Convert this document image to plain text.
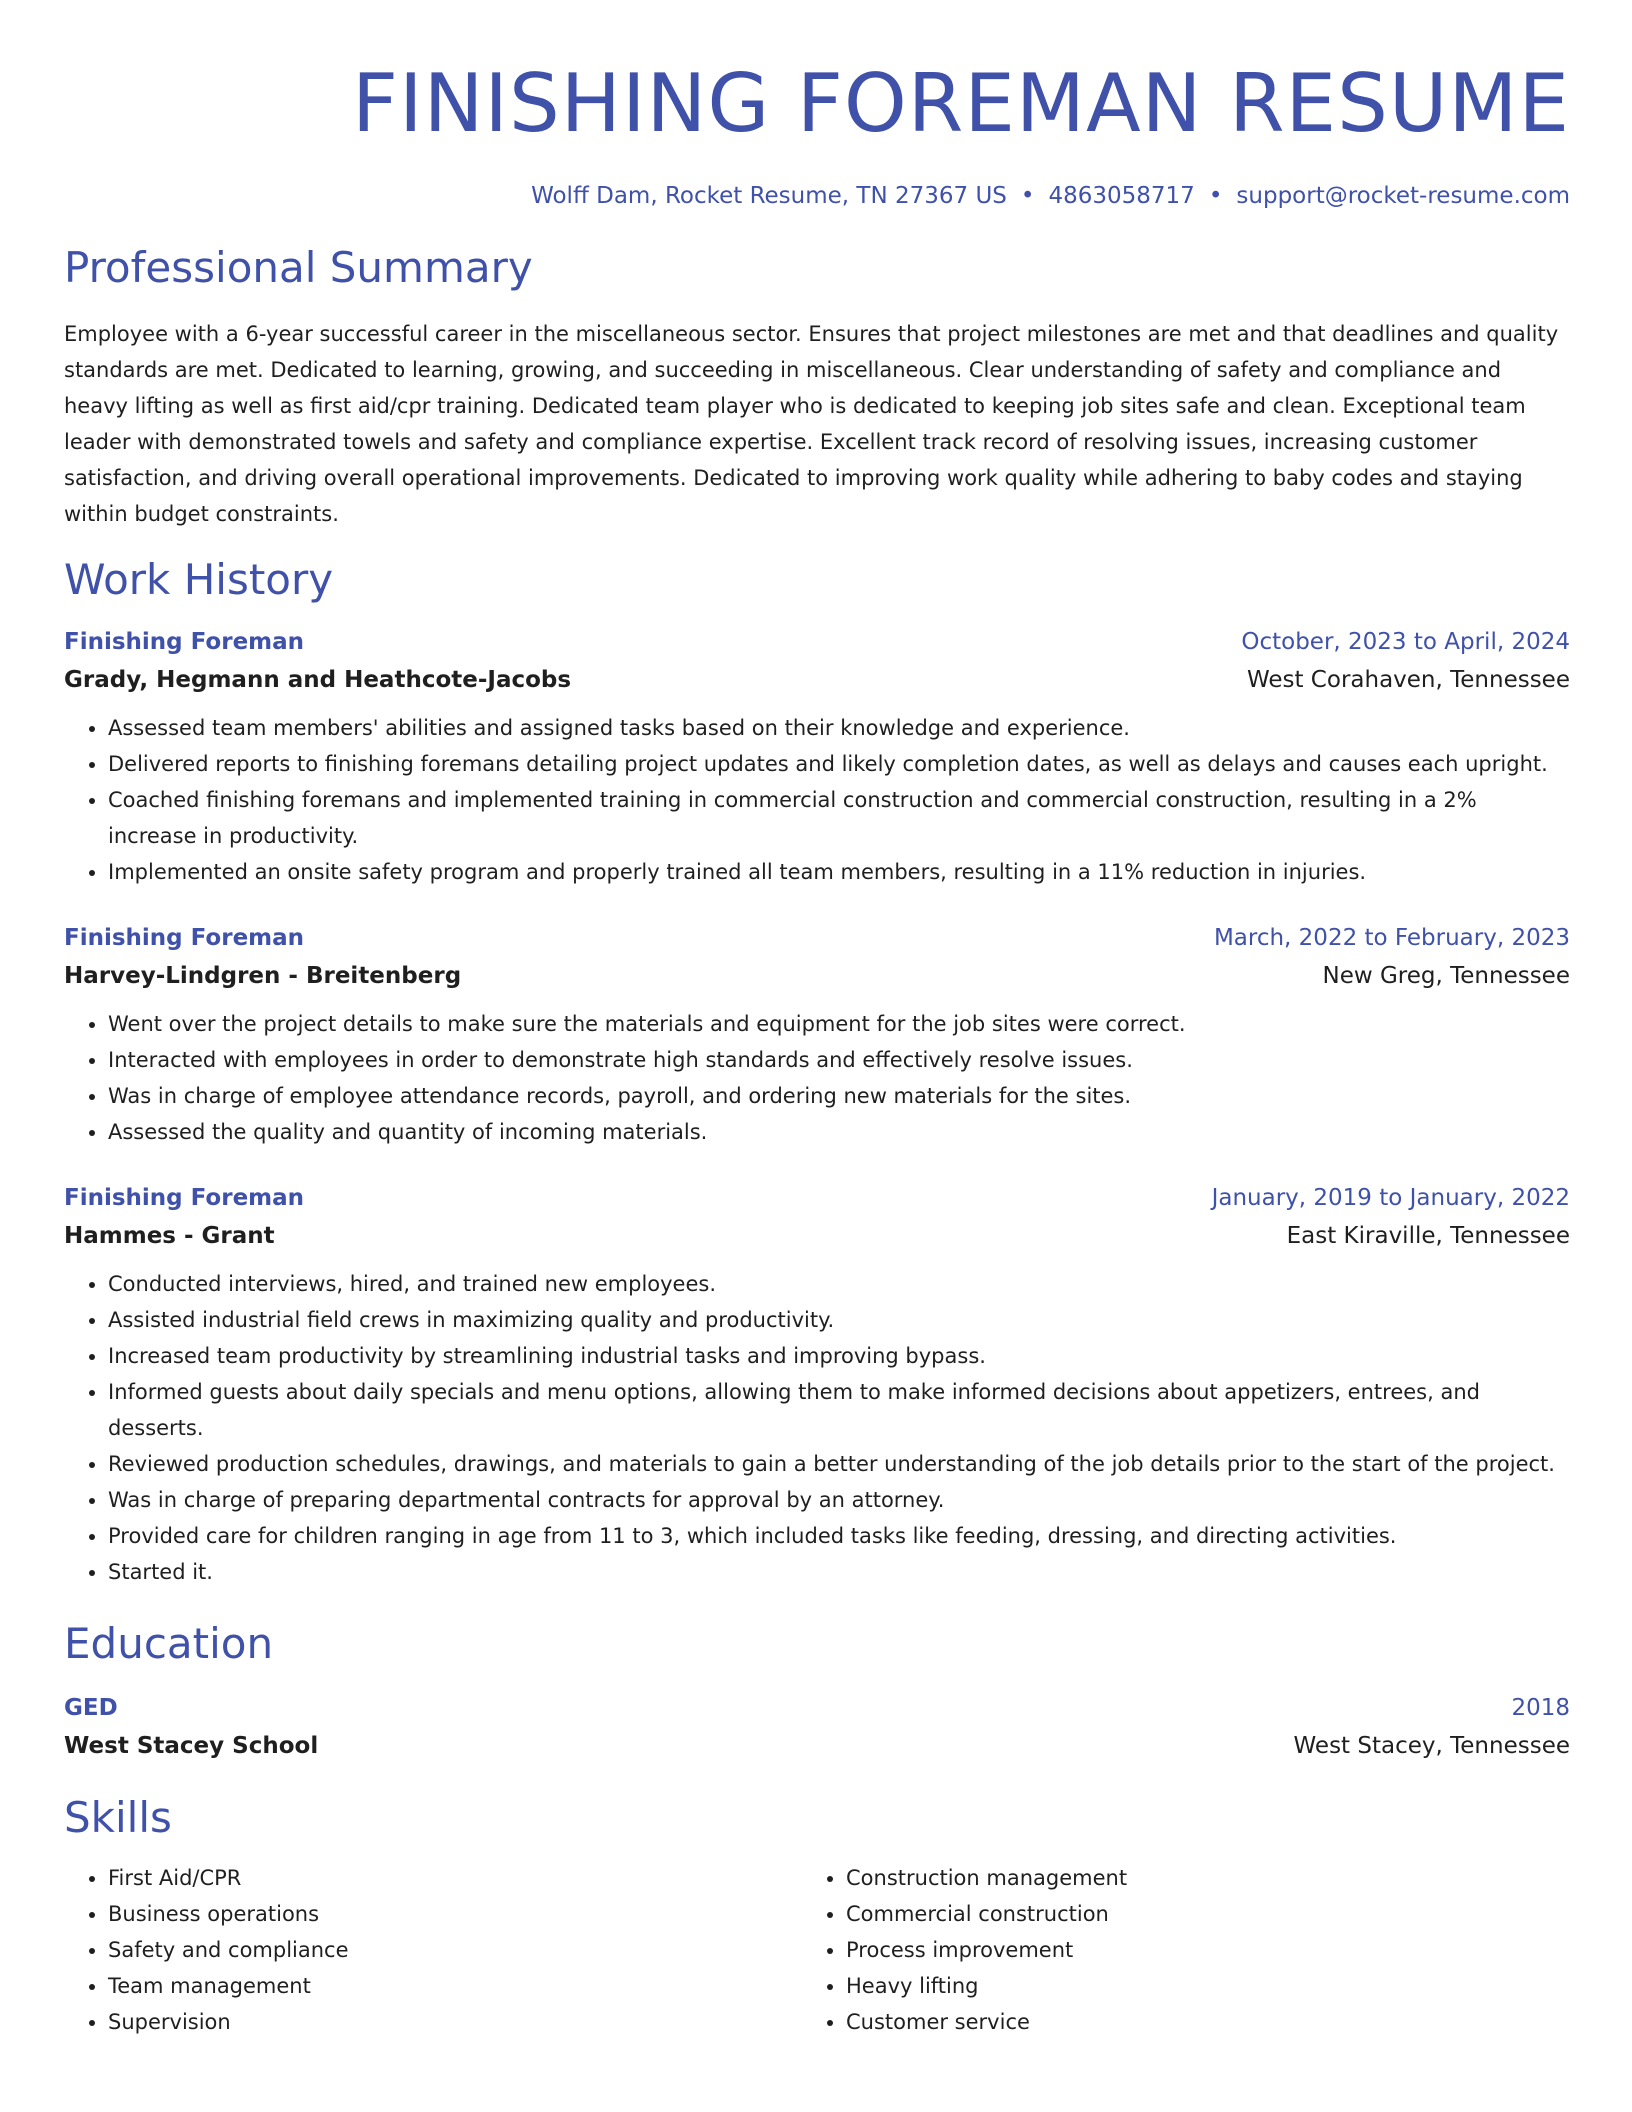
FINISHING FOREMAN RESUME
Wolff Dam, Rocket Resume, TN 27367 US • 4863058717 • support@rocket-resume.com
Professional Summary

Employee with a 6-year successful career in the miscellaneous sector. Ensures that project milestones are met and that deadlines and quality standards are met. Dedicated to learning, growing, and succeeding in miscellaneous. Clear understanding of safety and compliance and heavy lifting as well as first aid/cpr training. Dedicated team player who is dedicated to keeping job sites safe and clean. Exceptional team leader with demonstrated towels and safety and compliance expertise. Excellent track record of resolving issues, increasing customer satisfaction, and driving overall operational improvements. Dedicated to improving work quality while adhering to baby codes and staying within budget constraints.

Work History
Finishing Foreman	October, 2023 to April, 2024
Grady, Hegmann and Heathcote-Jacobs	West Corahaven, Tennessee
• Assessed team members' abilities and assigned tasks based on their knowledge and experience.
• Delivered reports to finishing foremans detailing project updates and likely completion dates, as well as delays and causes each upright.
• Coached finishing foremans and implemented training in commercial construction and commercial construction, resulting in a 2% increase in productivity.
• Implemented an onsite safety program and properly trained all team members, resulting in a 11% reduction in injuries.
Finishing Foreman	March, 2022 to February, 2023
Harvey-Lindgren - Breitenberg	New Greg, Tennessee
• Went over the project details to make sure the materials and equipment for the job sites were correct.
• Interacted with employees in order to demonstrate high standards and effectively resolve issues.
• Was in charge of employee attendance records, payroll, and ordering new materials for the sites.
• Assessed the quality and quantity of incoming materials.
Finishing Foreman	January, 2019 to January, 2022
Hammes - Grant	East Kiraville, Tennessee
• Conducted interviews, hired, and trained new employees.
• Assisted industrial field crews in maximizing quality and productivity.
• Increased team productivity by streamlining industrial tasks and improving bypass.
• Informed guests about daily specials and menu options, allowing them to make informed decisions about appetizers, entrees, and desserts.
• Reviewed production schedules, drawings, and materials to gain a better understanding of the job details prior to the start of the project.
• Was in charge of preparing departmental contracts for approval by an attorney.
• Provided care for children ranging in age from 11 to 3, which included tasks like feeding, dressing, and directing activities.
• Started it.
Education
GED	2018
West Stacey School	West Stacey, Tennessee
Skills
• First Aid/CPR
• Business operations
• Safety and compliance
• Team management
• Supervision
• Construction management
• Commercial construction
• Process improvement
• Heavy lifting
• Customer service
